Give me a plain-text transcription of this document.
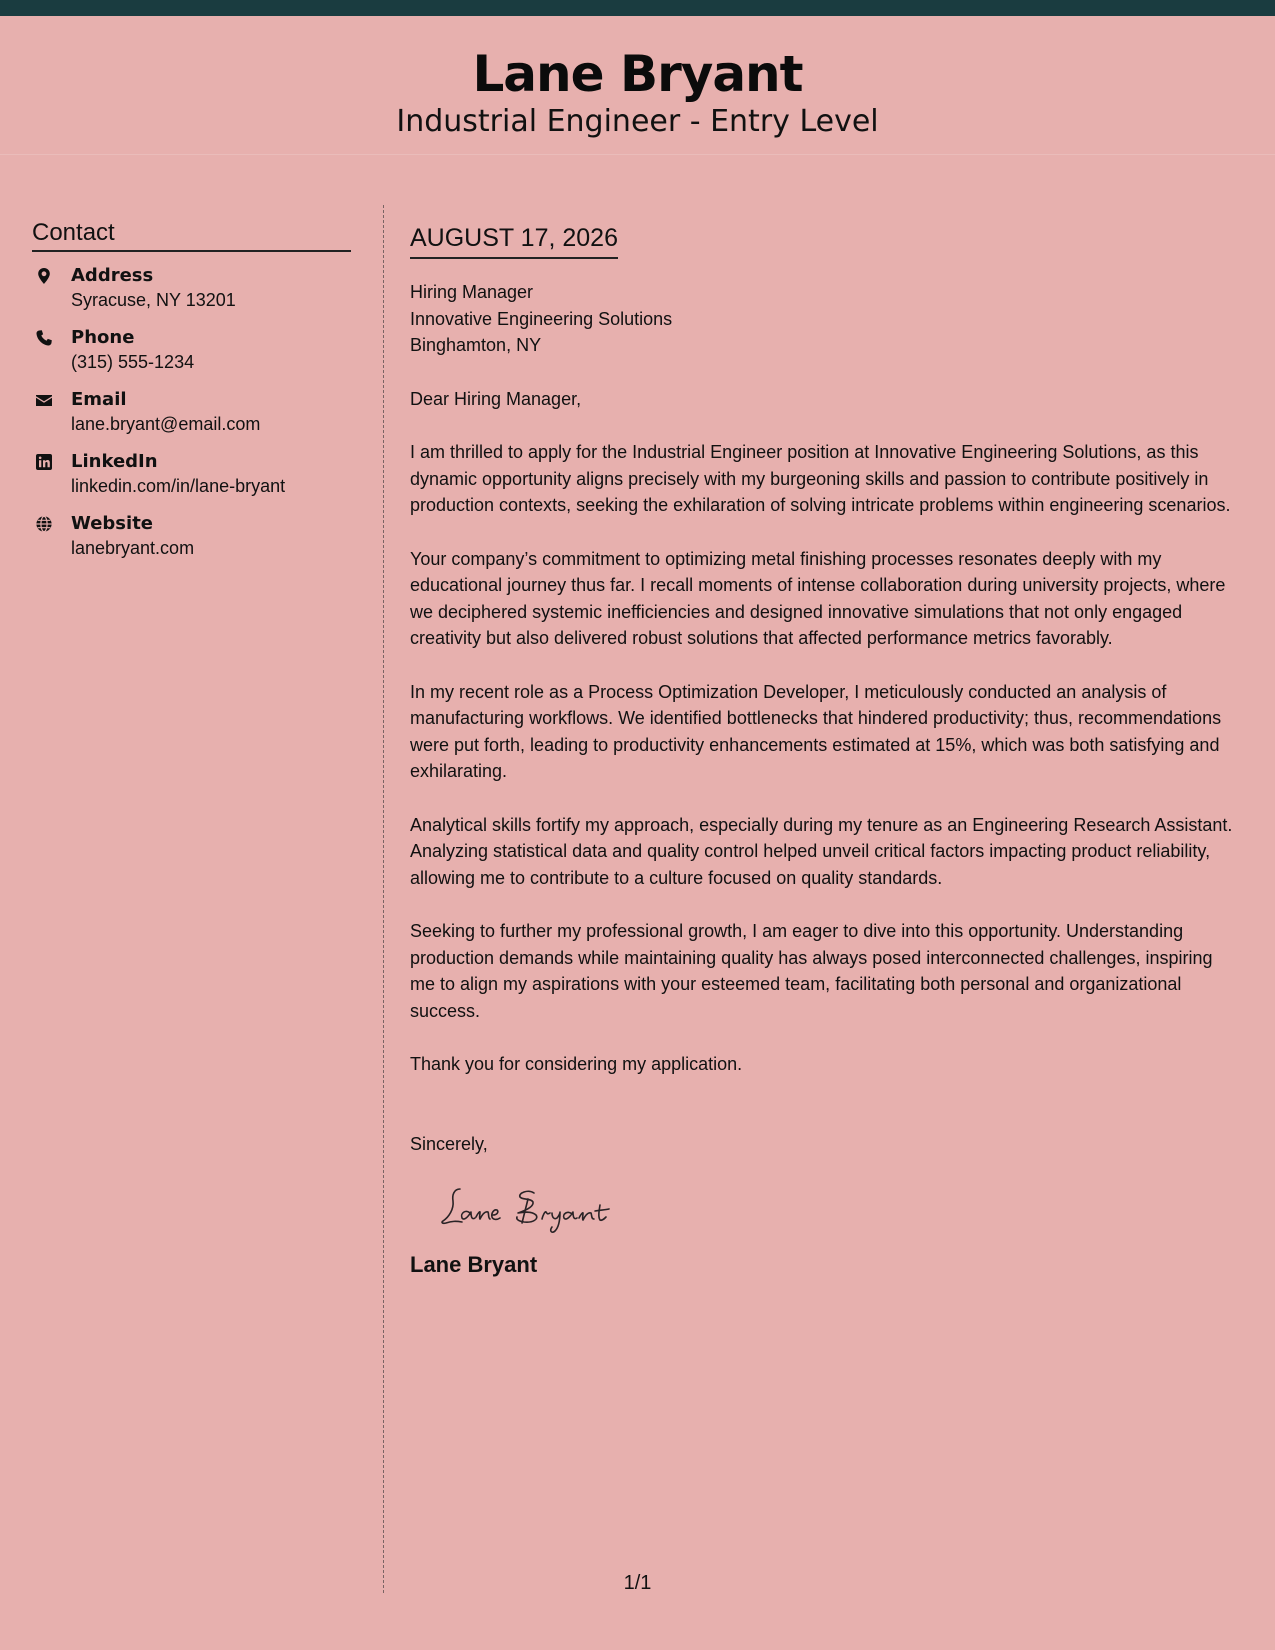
Lane Bryant
Industrial Engineer - Entry Level
Contact
Address
Syracuse, NY 13201
Phone
(315) 555-1234
Email
lane.bryant@email.com
LinkedIn
linkedin.com/in/lane-bryant
Website
lanebryant.com
AUGUST 17, 2026
Hiring Manager
Innovative Engineering Solutions
Binghamton, NY
Dear Hiring Manager,

I am thrilled to apply for the Industrial Engineer position at Innovative Engineering Solutions, as this dynamic opportunity aligns precisely with my burgeoning skills and passion to contribute positively in production contexts, seeking the exhilaration of solving intricate problems within engineering scenarios.

Your company’s commitment to optimizing metal finishing processes resonates deeply with my educational journey thus far. I recall moments of intense collaboration during university projects, where we deciphered systemic inefficiencies and designed innovative simulations that not only engaged creativity but also delivered robust solutions that affected performance metrics favorably.

In my recent role as a Process Optimization Developer, I meticulously conducted an analysis of manufacturing workflows. We identified bottlenecks that hindered productivity; thus, recommendations were put forth, leading to productivity enhancements estimated at 15%, which was both satisfying and exhilarating.

Analytical skills fortify my approach, especially during my tenure as an Engineering Research Assistant. Analyzing statistical data and quality control helped unveil critical factors impacting product reliability, allowing me to contribute to a culture focused on quality standards.

Seeking to further my professional growth, I am eager to dive into this opportunity. Understanding production demands while maintaining quality has always posed interconnected challenges, inspiring me to align my aspirations with your esteemed team, facilitating both personal and organizational success.

Thank you for considering my application.

Sincerely,
Lane Bryant
1/1
